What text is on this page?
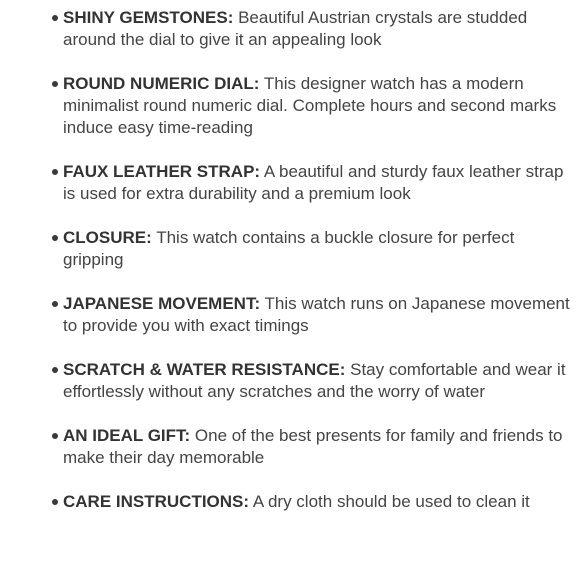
SHINY GEMSTONES: Beautiful Austrian crystals are studded around the dial to give it an appealing look
ROUND NUMERIC DIAL: This designer watch has a modern minimalist round numeric dial. Complete hours and second marks induce easy time-reading
FAUX LEATHER STRAP: A beautiful and sturdy faux leather strap is used for extra durability and a premium look
CLOSURE: This watch contains a buckle closure for perfect gripping
JAPANESE MOVEMENT: This watch runs on Japanese movement to provide you with exact timings
SCRATCH & WATER RESISTANCE: Stay comfortable and wear it effortlessly without any scratches and the worry of water
AN IDEAL GIFT: One of the best presents for family and friends to make their day memorable
CARE INSTRUCTIONS: A dry cloth should be used to clean it
